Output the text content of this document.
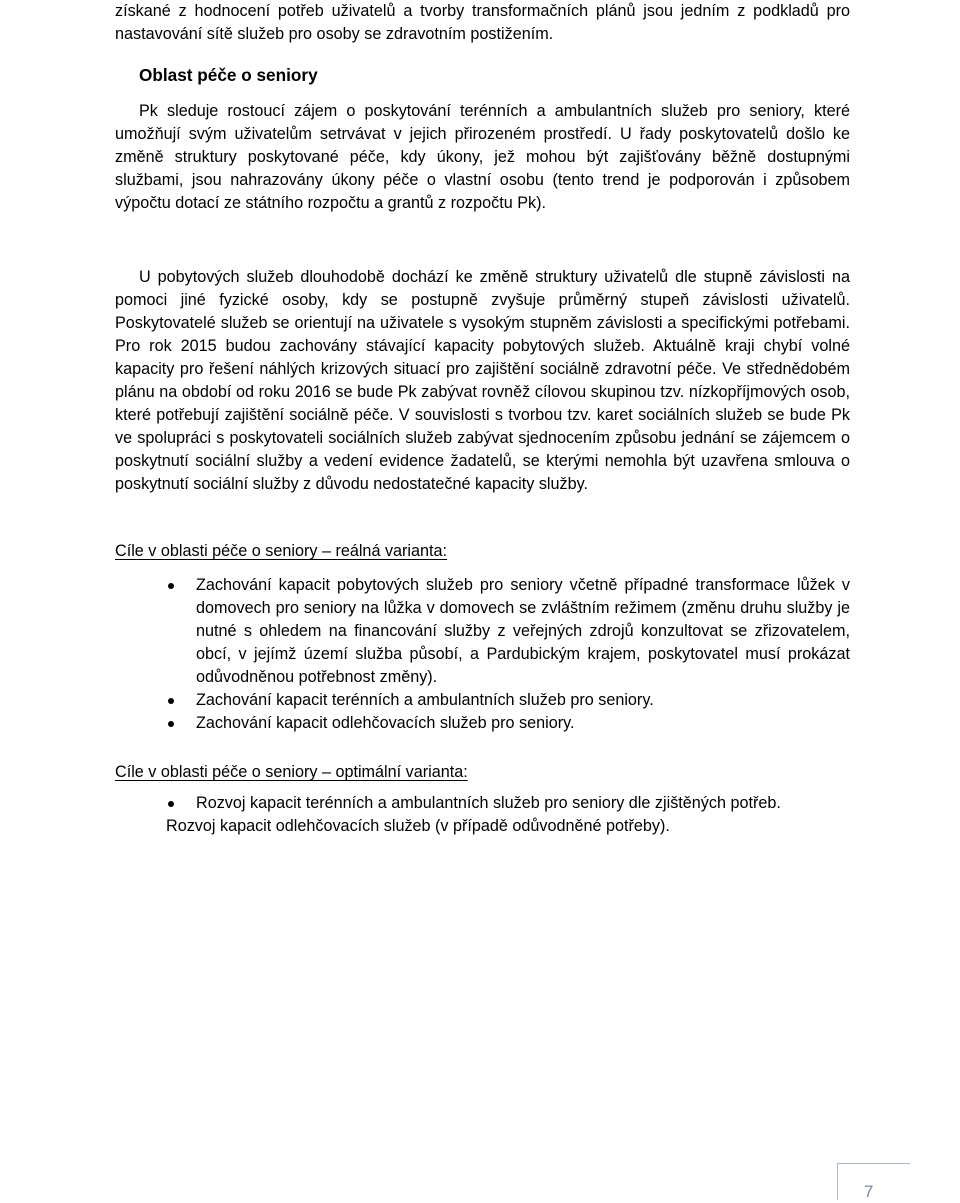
získané z hodnocení potřeb uživatelů a tvorby transformačních plánů jsou jedním z podkladů pro nastavování sítě služeb pro osoby se zdravotním postižením.

Oblast péče o seniory

Pk sleduje rostoucí zájem o poskytování terénních a ambulantních služeb pro seniory, které umožňují svým uživatelům setrvávat v jejich přirozeném prostředí. U řady poskytovatelů došlo ke změně struktury poskytované péče, kdy úkony, jež mohou být zajišťovány běžně dostupnými službami, jsou nahrazovány úkony péče o vlastní osobu (tento trend je podporován i způsobem výpočtu dotací ze státního rozpočtu a grantů z rozpočtu Pk).

U pobytových služeb dlouhodobě dochází ke změně struktury uživatelů dle stupně závislosti na pomoci jiné fyzické osoby, kdy se postupně zvyšuje průměrný stupeň závislosti uživatelů. Poskytovatelé služeb se orientují na uživatele s vysokým stupněm závislosti a specifickými potřebami. Pro rok 2015 budou zachovány stávající kapacity pobytových služeb. Aktuálně kraji chybí volné kapacity pro řešení náhlých krizových situací pro zajištění sociálně zdravotní péče. Ve střednědobém plánu na období od roku 2016 se bude Pk zabývat rovněž cílovou skupinou tzv. nízkopříjmových osob, které potřebují zajištění sociálně péče. V souvislosti s tvorbou tzv. karet sociálních služeb se bude Pk ve spolupráci s poskytovateli sociálních služeb zabývat sjednocením způsobu jednání se zájemcem o poskytnutí sociální služby a vedení evidence žadatelů, se kterými nemohla být uzavřena smlouva o poskytnutí sociální služby z důvodu nedostatečné kapacity služby.

Cíle v oblasti péče o seniory – reálná varianta:

Zachování kapacit pobytových služeb pro seniory včetně případné transformace lůžek v domovech pro seniory na lůžka v domovech se zvláštním režimem (změnu druhu služby je nutné s ohledem na financování služby z veřejných zdrojů konzultovat se zřizovatelem, obcí, v jejímž území služba působí, a Pardubickým krajem, poskytovatel musí prokázat odůvodněnou potřebnost změny).
Zachování kapacit terénních a ambulantních služeb pro seniory.
Zachování kapacit odlehčovacích služeb pro seniory.

Cíle v oblasti péče o seniory – optimální varianta:

Rozvoj kapacit terénních a ambulantních služeb pro seniory dle zjištěných potřeb.

Rozvoj kapacit odlehčovacích služeb (v případě odůvodněné potřeby).

7
